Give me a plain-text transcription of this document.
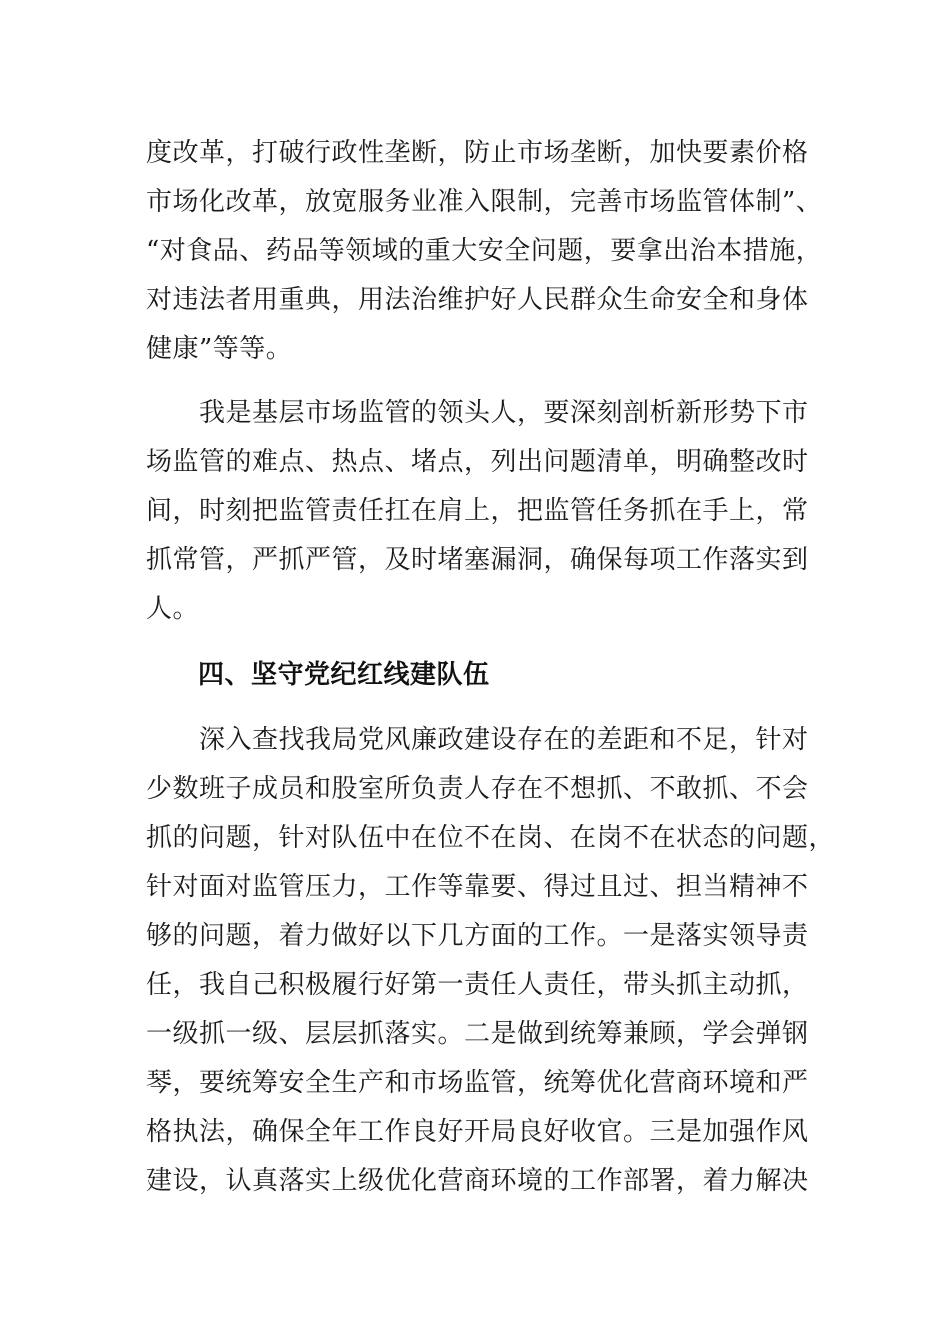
度改革，打破行政性垄断，防止市场垄断，加快要素价格
市场化改革，放宽服务业准入限制，完善市场监管体制”、
“对食品、药品等领域的重大安全问题，要拿出治本措施，
对违法者用重典，用法治维护好人民群众生命安全和身体
健康”等等。
　　我是基层市场监管的领头人，要深刻剖析新形势下市
场监管的难点、热点、堵点，列出问题清单，明确整改时
间，时刻把监管责任扛在肩上，把监管任务抓在手上，常
抓常管，严抓严管，及时堵塞漏洞，确保每项工作落实到
人。
四、坚守党纪红线建队伍
　　深入查找我局党风廉政建设存在的差距和不足，针对
少数班子成员和股室所负责人存在不想抓、不敢抓、不会
抓的问题，针对队伍中在位不在岗、在岗不在状态的问题，
针对面对监管压力，工作等靠要、得过且过、担当精神不
够的问题，着力做好以下几方面的工作。一是落实领导责
任，我自己积极履行好第一责任人责任，带头抓主动抓，
一级抓一级、层层抓落实。二是做到统筹兼顾，学会弹钢
琴，要统筹安全生产和市场监管，统筹优化营商环境和严
格执法，确保全年工作良好开局良好收官。三是加强作风
建设，认真落实上级优化营商环境的工作部署，着力解决
